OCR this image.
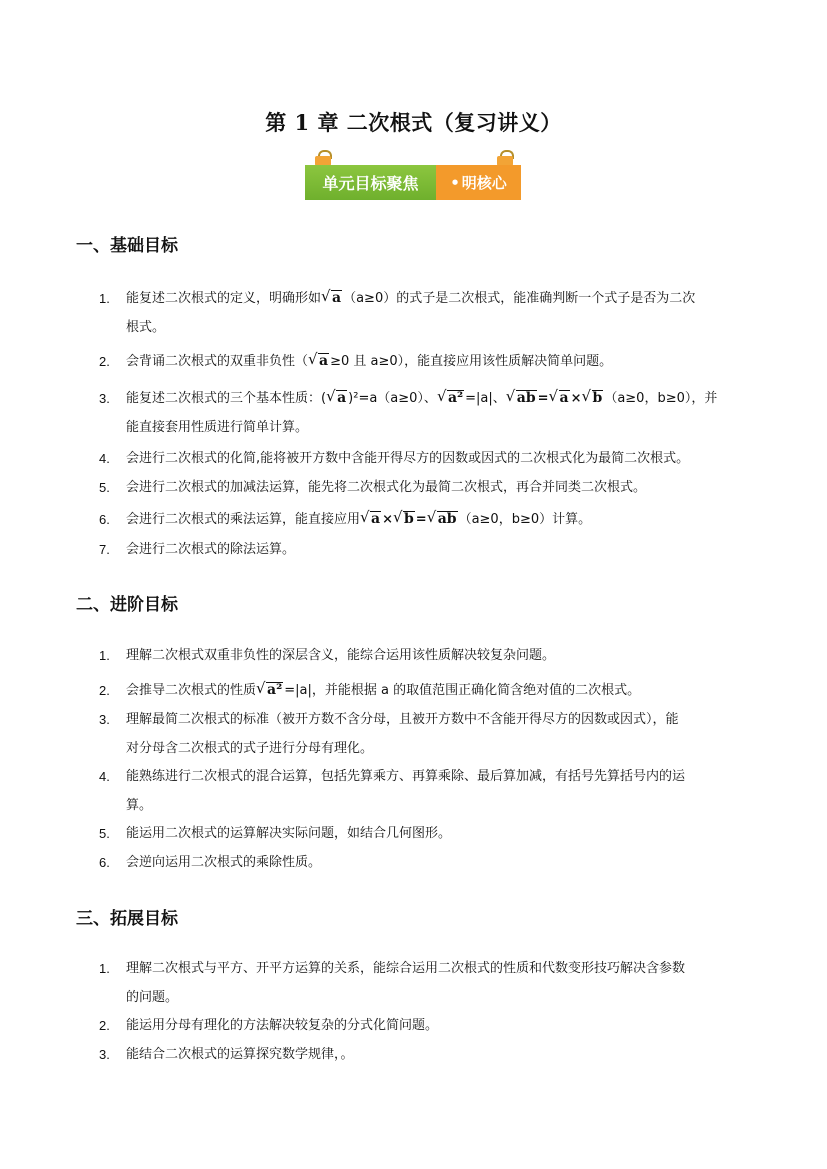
第 1 章 二次根式（复习讲义）
单元目标聚焦	• 明核心
一、基础目标
1.	能复述二次根式的定义，明确形如 √ a （a≥0）的式子是二次根式，能准确判断一个式子是否为二次
根式。
2.	会背诵二次根式的双重非负性（ √ a ≥0 且 a≥0），能直接应用该性质解决简单问题。
3.	能复述二次根式的三个基本性质：( √ a )²=a（a≥0）、 √ a² =|a|、 √ ab = √ a × √ b （a≥0，b≥0），并
能直接套用性质进行简单计算。
4.	会进行二次根式的化简,能将被开方数中含能开得尽方的因数或因式的二次根式化为最简二次根式。
5.	会进行二次根式的加减法运算，能先将二次根式化为最简二次根式，再合并同类二次根式。
6.	会进行二次根式的乘法运算，能直接应用 √ a × √ b = √ ab （a≥0，b≥0）计算。
7.	会进行二次根式的除法运算。
二、进阶目标
1.	理解二次根式双重非负性的深层含义，能综合运用该性质解决较复杂问题。
2.	会推导二次根式的性质 √ a² =|a|，并能根据 a 的取值范围正确化简含绝对值的二次根式。
3.	理解最简二次根式的标准（被开方数不含分母，且被开方数中不含能开得尽方的因数或因式），能
对分母含二次根式的式子进行分母有理化。
4.	能熟练进行二次根式的混合运算，包括先算乘方、再算乘除、最后算加减，有括号先算括号内的运
算。
5.	能运用二次根式的运算解决实际问题，如结合几何图形。
6.	会逆向运用二次根式的乘除性质。
三、拓展目标
1.	理解二次根式与平方、开平方运算的关系，能综合运用二次根式的性质和代数变形技巧解决含参数
的问题。
2.	能运用分母有理化的方法解决较复杂的分式化简问题。
3.	能结合二次根式的运算探究数学规律，。
